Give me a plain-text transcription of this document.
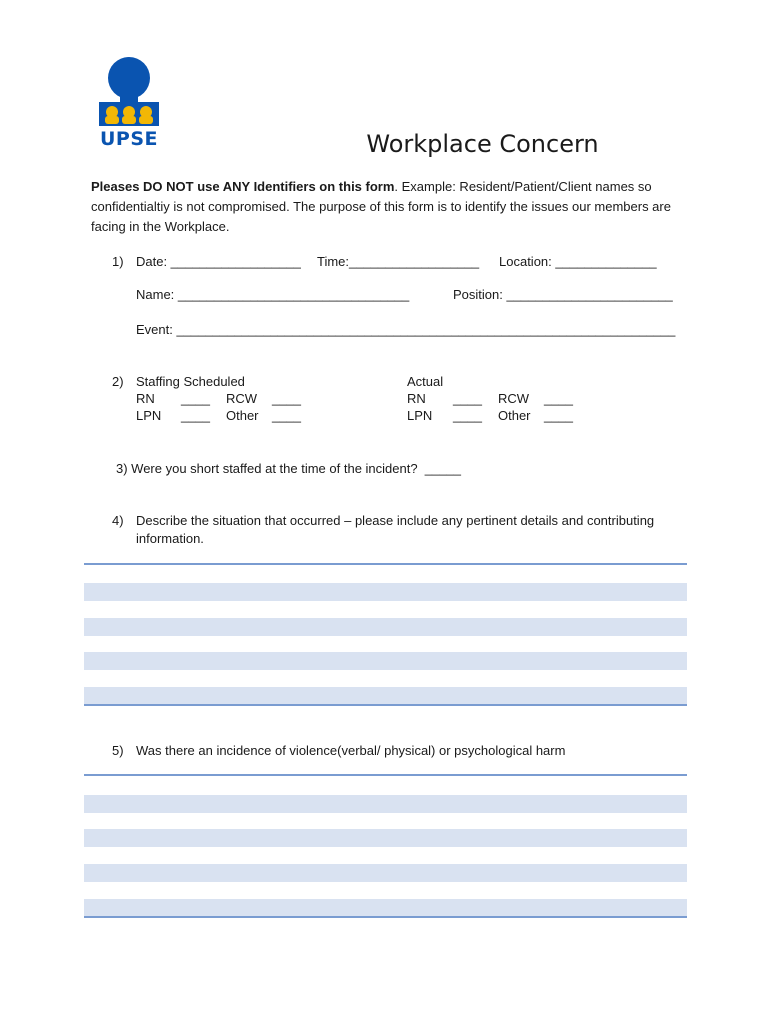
UPSE	Workplace Concern
Pleases DO NOT use ANY Identifiers on this form. Example: Resident/Patient/Client names so confidentialtiy is not compromised. The purpose of this form is to identify the issues our members are facing in the Workplace.
1) Date: __________________ Time:__________________ Location: ______________
Name: ________________________________	Position: _______________________
Event: _____________________________________________________________________
2) Staffing Scheduled
RN ____ RCW ____
LPN ____ Other ____
Actual
RN ____ RCW ____
LPN ____ Other ____
3) Were you short staffed at the time of the incident?  _____
4) Describe the situation that occurred – please include any pertinent details and contributing
information.
5) Was there an incidence of violence(verbal/ physical) or psychological harm
